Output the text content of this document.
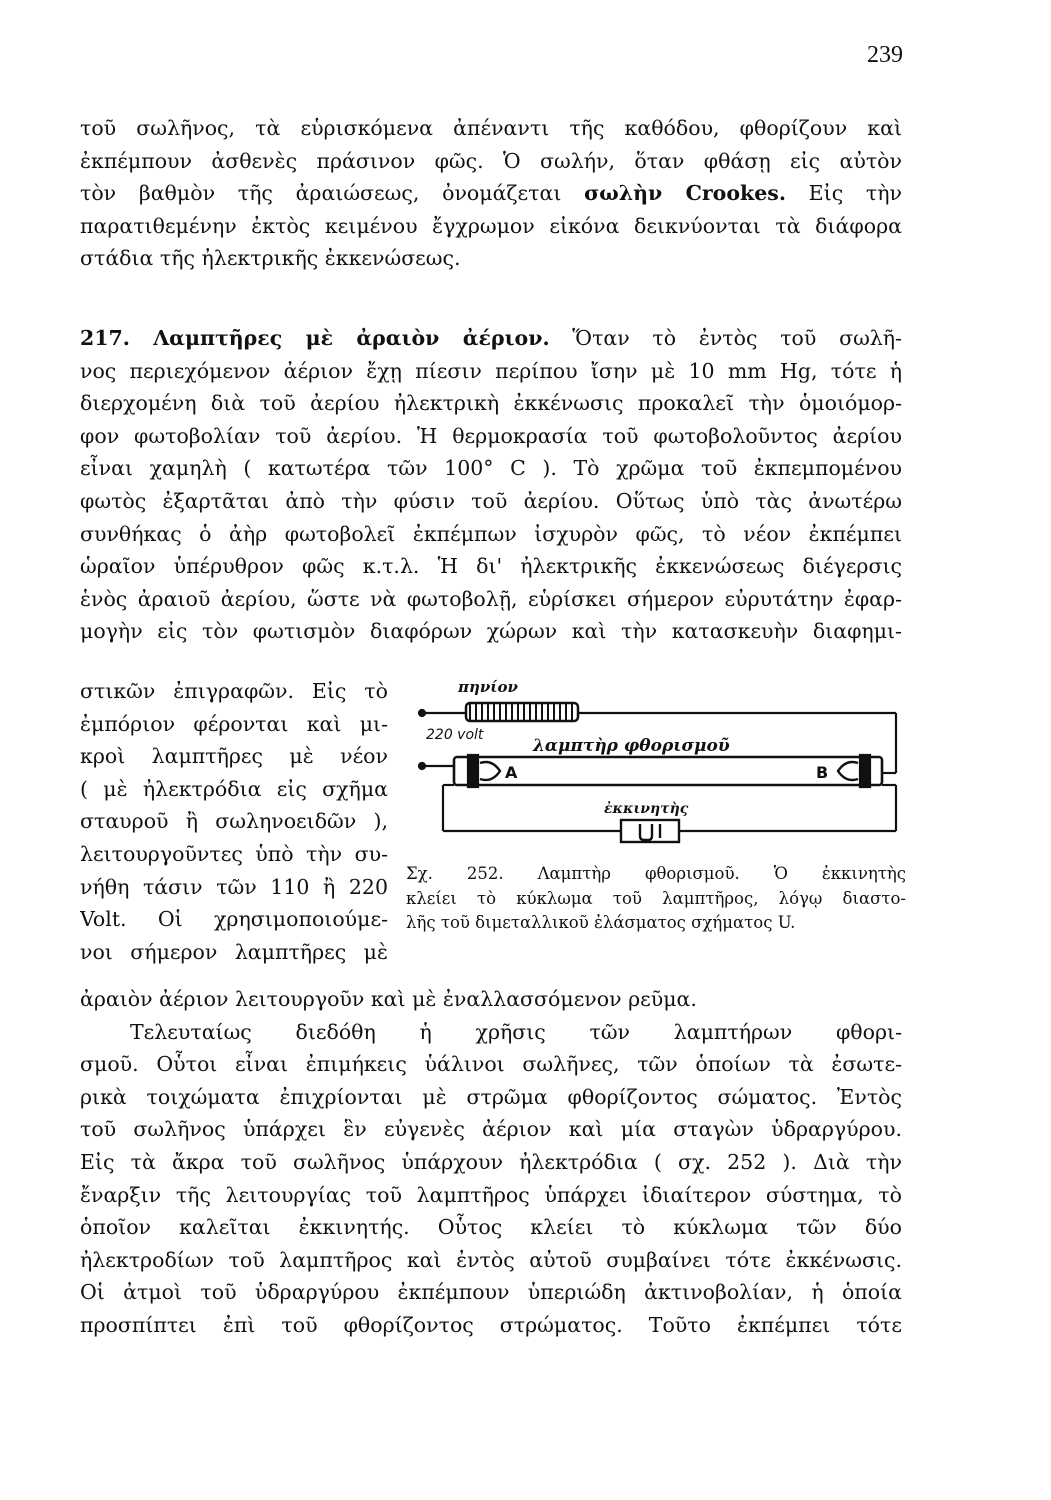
239
τοῦ σωλῆνος, τὰ εὑρισκόμενα ἀπέναντι τῆς καθόδου, φθορίζουν καὶ
ἐκπέμπουν ἀσθενὲς πράσινον φῶς. Ὁ σωλήν, ὅταν φθάσῃ εἰς αὐτὸν
τὸν βαθμὸν τῆς ἀραιώσεως, ὀνομάζεται σωλὴν Crookes. Εἰς τὴν
παρατιθεμένην ἐκτὸς κειμένου ἔγχρωμον εἰκόνα δεικνύονται τὰ διάφορα
στάδια τῆς ἠλεκτρικῆς ἐκκενώσεως.
217. Λαμπτῆρες μὲ ἀραιὸν ἀέριον. Ὅταν τὸ ἐντὸς τοῦ σωλῆ-
νος περιεχόμενον ἀέριον ἔχῃ πίεσιν περίπου ἴσην μὲ 10 mm Hg, τότε ἡ
διερχομένη διὰ τοῦ ἀερίου ἠλεκτρικὴ ἐκκένωσις προκαλεῖ τὴν ὁμοιόμορ-
φον φωτοβολίαν τοῦ ἀερίου. Ἡ θερμοκρασία τοῦ φωτοβολοῦντος ἀερίου
εἶναι χαμηλὴ ( κατωτέρα τῶν 100° C ). Τὸ χρῶμα τοῦ ἐκπεμπομένου
φωτὸς ἐξαρτᾶται ἀπὸ τὴν φύσιν τοῦ ἀερίου. Οὕτως ὑπὸ τὰς ἀνωτέρω
συνθήκας ὁ ἀὴρ φωτοβολεῖ ἐκπέμπων ἰσχυρὸν φῶς, τὸ νέον ἐκπέμπει
ὡραῖον ὑπέρυθρον φῶς κ.τ.λ. Ἡ δι' ἠλεκτρικῆς ἐκκενώσεως διέγερσις
ἑνὸς ἀραιοῦ ἀερίου, ὥστε νὰ φωτοβολῇ, εὑρίσκει σήμερον εὐρυτάτην ἐφαρ-
μογὴν εἰς τὸν φωτισμὸν διαφόρων χώρων καὶ τὴν κατασκευὴν διαφημι-
στικῶν ἐπιγραφῶν. Εἰς τὸ
ἐμπόριον φέρονται καὶ μι-
κροὶ λαμπτῆρες μὲ νέον
( μὲ ἠλεκτρόδια εἰς σχῆμα
σταυροῦ ἢ σωληνοειδῶν ),
λειτουργοῦντες ὑπὸ τὴν συ-
νήθη τάσιν τῶν 110 ἢ 220
Volt. Οἱ χρησιμοποιούμε-
νοι σήμερον λαμπτῆρες μὲ
πηνίον
220 volt
λαμπτὴρ φθορισμοῦ
Α	Β
ἐκκινητὴς
Σχ. 252. Λαμπτὴρ φθορισμοῦ. Ὁ ἐκκινητὴς
κλείει τὸ κύκλωμα τοῦ λαμπτῆρος, λόγῳ διαστο-
λῆς τοῦ διμεταλλικοῦ ἐλάσματος σχήματος U.
ἀραιὸν ἀέριον λειτουργοῦν καὶ μὲ ἐναλλασσόμενον ρεῦμα.
Τελευταίως διεδόθη ἡ χρῆσις τῶν λαμπτήρων φθορι-
σμοῦ. Οὗτοι εἶναι ἐπιμήκεις ὑάλινοι σωλῆνες, τῶν ὁποίων τὰ ἐσωτε-
ρικὰ τοιχώματα ἐπιχρίονται μὲ στρῶμα φθορίζοντος σώματος. Ἐντὸς
τοῦ σωλῆνος ὑπάρχει ἓν εὐγενὲς ἀέριον καὶ μία σταγὼν ὑδραργύρου.
Εἰς τὰ ἄκρα τοῦ σωλῆνος ὑπάρχουν ἠλεκτρόδια ( σχ. 252 ). Διὰ τὴν
ἔναρξιν τῆς λειτουργίας τοῦ λαμπτῆρος ὑπάρχει ἰδιαίτερον σύστημα, τὸ
ὁποῖον καλεῖται ἐκκινητής. Οὗτος κλείει τὸ κύκλωμα τῶν δύο
ἠλεκτροδίων τοῦ λαμπτῆρος καὶ ἐντὸς αὐτοῦ συμβαίνει τότε ἐκκένωσις.
Οἱ ἀτμοὶ τοῦ ὑδραργύρου ἐκπέμπουν ὑπεριώδη ἀκτινοβολίαν, ἡ ὁποία
προσπίπτει ἐπὶ τοῦ φθορίζοντος στρώματος. Τοῦτο ἐκπέμπει τότε
